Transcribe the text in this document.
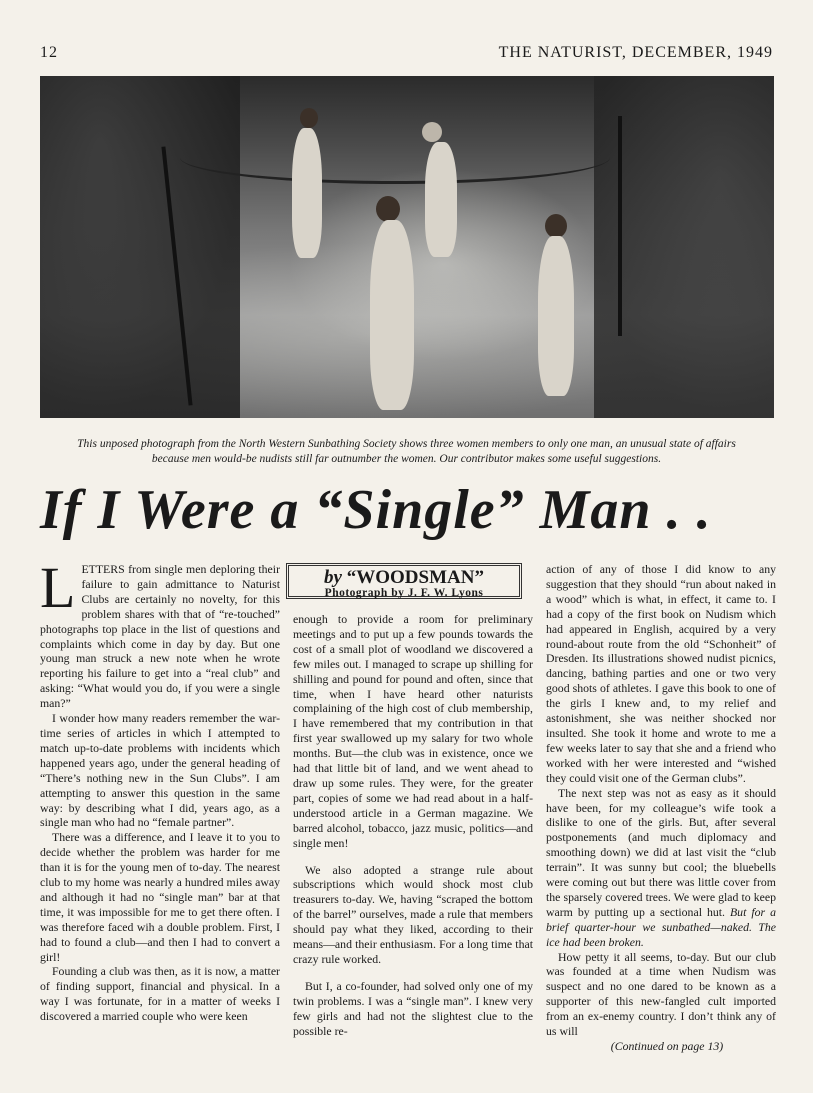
12	THE NATURIST, DECEMBER, 1949
This unposed photograph from the North Western Sunbathing Society shows three women members to only one man, an unusual state of affairs because men would-be nudists still far outnumber the women. Our contributor makes some useful suggestions.
If I Were a “Single” Man . .

LETTERS from single men deploring their failure to gain admittance to Naturist Clubs are certainly no novelty, for this problem shares with that of “re-touched” photographs top place in the list of questions and complaints which come in day by day. But one young man struck a new note when he wrote reporting his failure to get into a “real club” and asking: “What would you do, if you were a single man?”

I wonder how many readers remember the war-time series of articles in which I attempted to match up-to-date problems with incidents which happened years ago, under the general heading of “There’s nothing new in the Sun Clubs”. I am attempting to answer this question in the same way: by describing what I did, years ago, as a single man who had no “female partner”.

There was a difference, and I leave it to you to decide whether the problem was harder for me than it is for the young men of to-day. The nearest club to my home was nearly a hundred miles away and although it had no “single man” bar at that time, it was impossible for me to get there often. I was therefore faced wih a double problem. First, I had to found a club—and then I had to convert a girl!

Founding a club was then, as it is now, a matter of finding support, financial and physical. In a way I was fortunate, for in a matter of weeks I discovered a married couple who were keen

by “WOODSMAN”
Photograph by J. F. W. Lyons

enough to provide a room for preliminary meetings and to put up a few pounds towards the cost of a small plot of woodland we discovered a few miles out. I managed to scrape up shilling for shilling and pound for pound and often, since that time, when I have heard other naturists complaining of the high cost of club membership, I have remembered that my contribution in that first year swallowed up my salary for two whole months. But—the club was in existence, once we had that little bit of land, and we went ahead to draw up some rules. They were, for the greater part, copies of some we had read about in a half-understood article in a German magazine. We barred alcohol, tobacco, jazz music, politics—and single men!

We also adopted a strange rule about subscriptions which would shock most club treasurers to-day. We, having “scraped the bottom of the barrel” ourselves, made a rule that members should pay what they liked, according to their means—and their enthusiasm. For a long time that crazy rule worked.

But I, a co-founder, had solved only one of my twin problems. I was a “single man”. I knew very few girls and had not the slightest clue to the possible re-

action of any of those I did know to any suggestion that they should “run about naked in a wood” which is what, in effect, it came to. I had a copy of the first book on Nudism which had appeared in English, acquired by a very round-about route from the old “Schonheit” of Dresden. Its illustrations showed nudist picnics, dancing, bathing parties and one or two very good shots of athletes. I gave this book to one of the girls I knew and, to my relief and astonishment, she was neither shocked nor insulted. She took it home and wrote to me a few weeks later to say that she and a friend who worked with her were interested and “wished they could visit one of the German clubs”.

The next step was not as easy as it should have been, for my colleague’s wife took a dislike to one of the girls. But, after several postponements (and much diplomacy and smoothing down) we did at last visit the “club terrain”. It was sunny but cool; the bluebells were coming out but there was little cover from the sparsely covered trees. We were glad to keep warm by putting up a sectional hut. But for a brief quarter-hour we sunbathed—naked. The ice had been broken.

How petty it all seems, to-day. But our club was founded at a time when Nudism was suspect and no one dared to be known as a supporter of this new-fangled cult imported from an ex-enemy country. I don’t think any of us will

(Continued on page 13)
